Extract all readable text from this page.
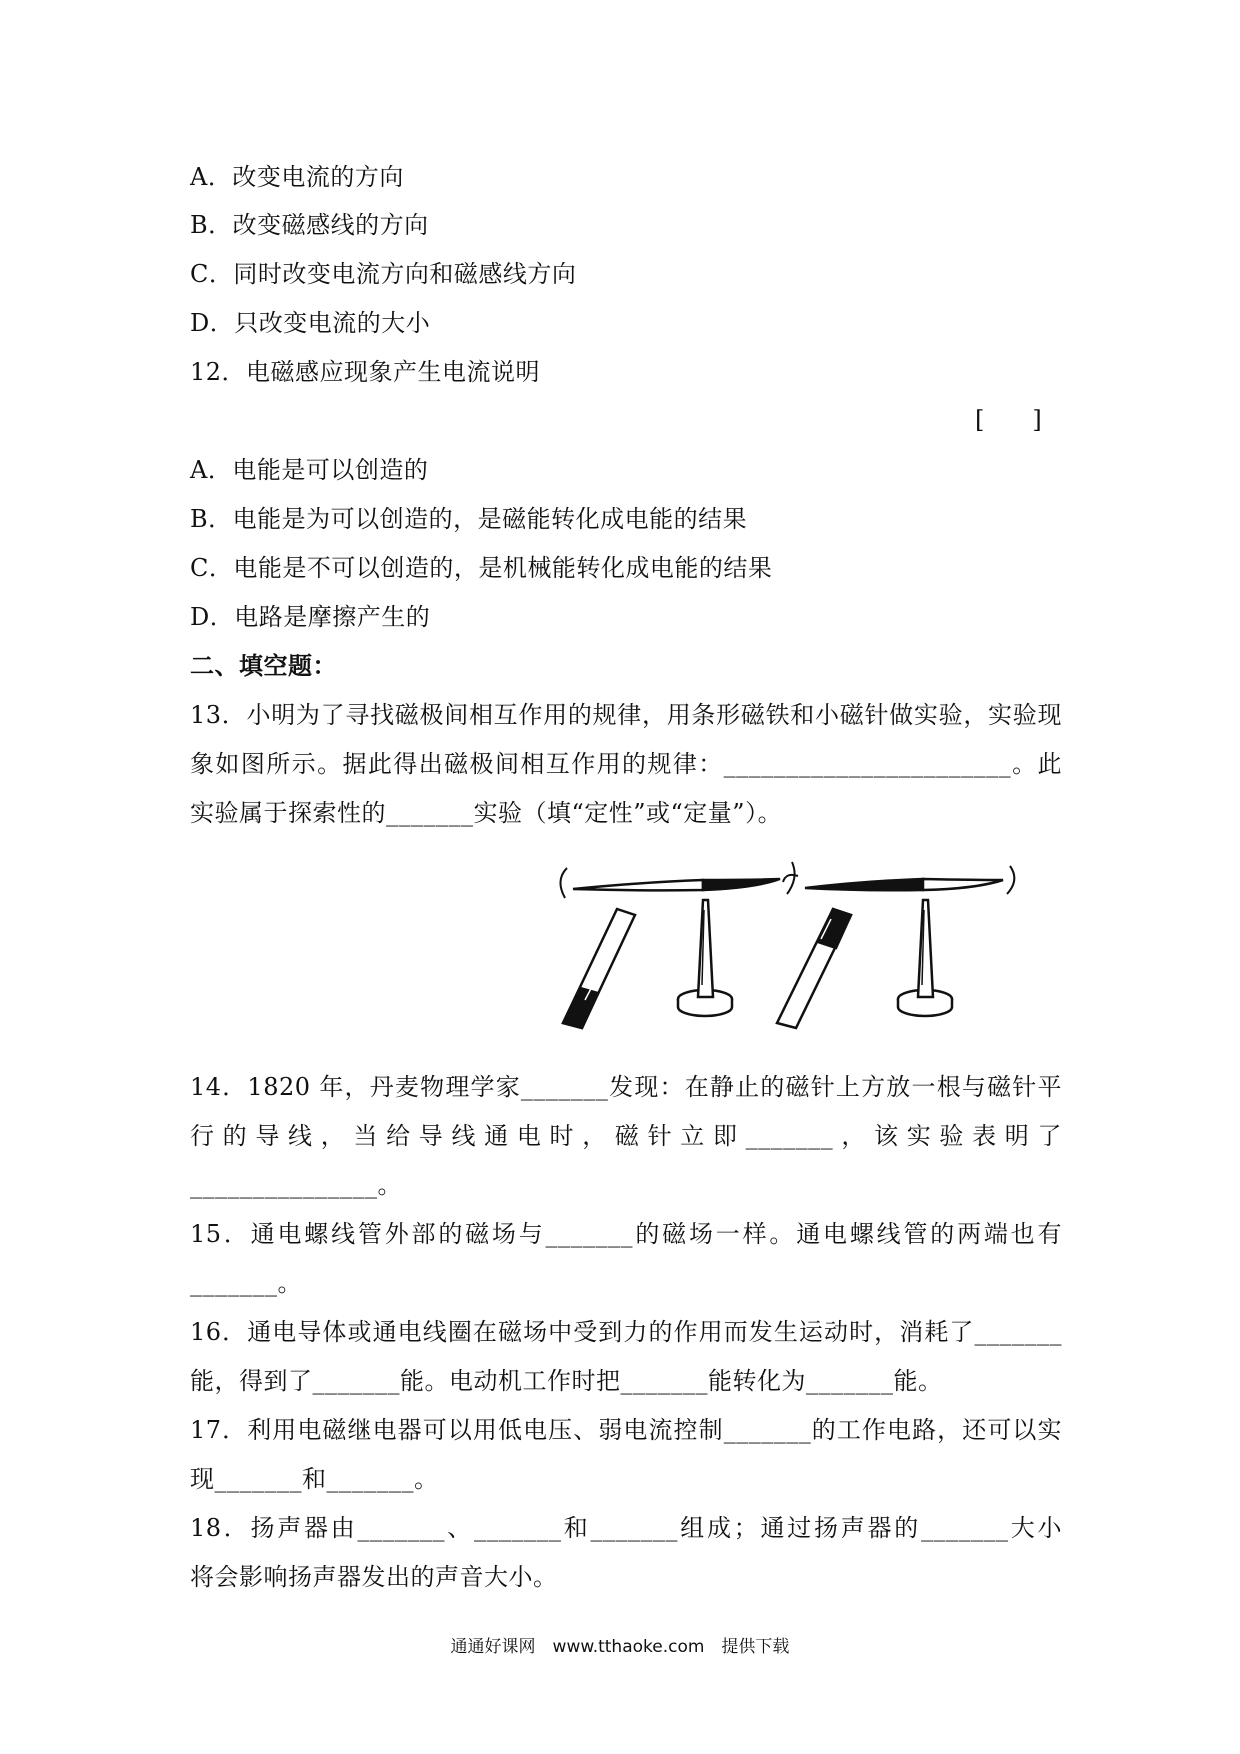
A．改变电流的方向
B．改变磁感线的方向
C．同时改变电流方向和磁感线方向
D．只改变电流的大小
12．电磁感应现象产生电流说明
[　　]
A．电能是可以创造的
B．电能是为可以创造的，是磁能转化成电能的结果
C．电能是不可以创造的，是机械能转化成电能的结果
D．电路是摩擦产生的
二、填空题：
13．小明为了寻找磁极间相互作用的规律，用条形磁铁和小磁针做实验，实验现
象如图所示。据此得出磁极间相互作用的规律：_______________________。此
实验属于探索性的_______实验（填“定性”或“定量”）。
14．1820 年，丹麦物理学家_______发现：在静止的磁针上方放一根与磁针平
行的导线，当给导线通电时，磁针立即_______，该实验表明了
_______________。
15．通电螺线管外部的磁场与_______的磁场一样。通电螺线管的两端也有
_______。
16．通电导体或通电线圈在磁场中受到力的作用而发生运动时，消耗了_______
能，得到了_______能。电动机工作时把_______能转化为_______能。
17．利用电磁继电器可以用低电压、弱电流控制_______的工作电路，还可以实
现_______和_______。
18．扬声器由_______、_______和_______组成；通过扬声器的_______大小
将会影响扬声器发出的声音大小。
通通好课网　www.tthaoke.com　提供下载
